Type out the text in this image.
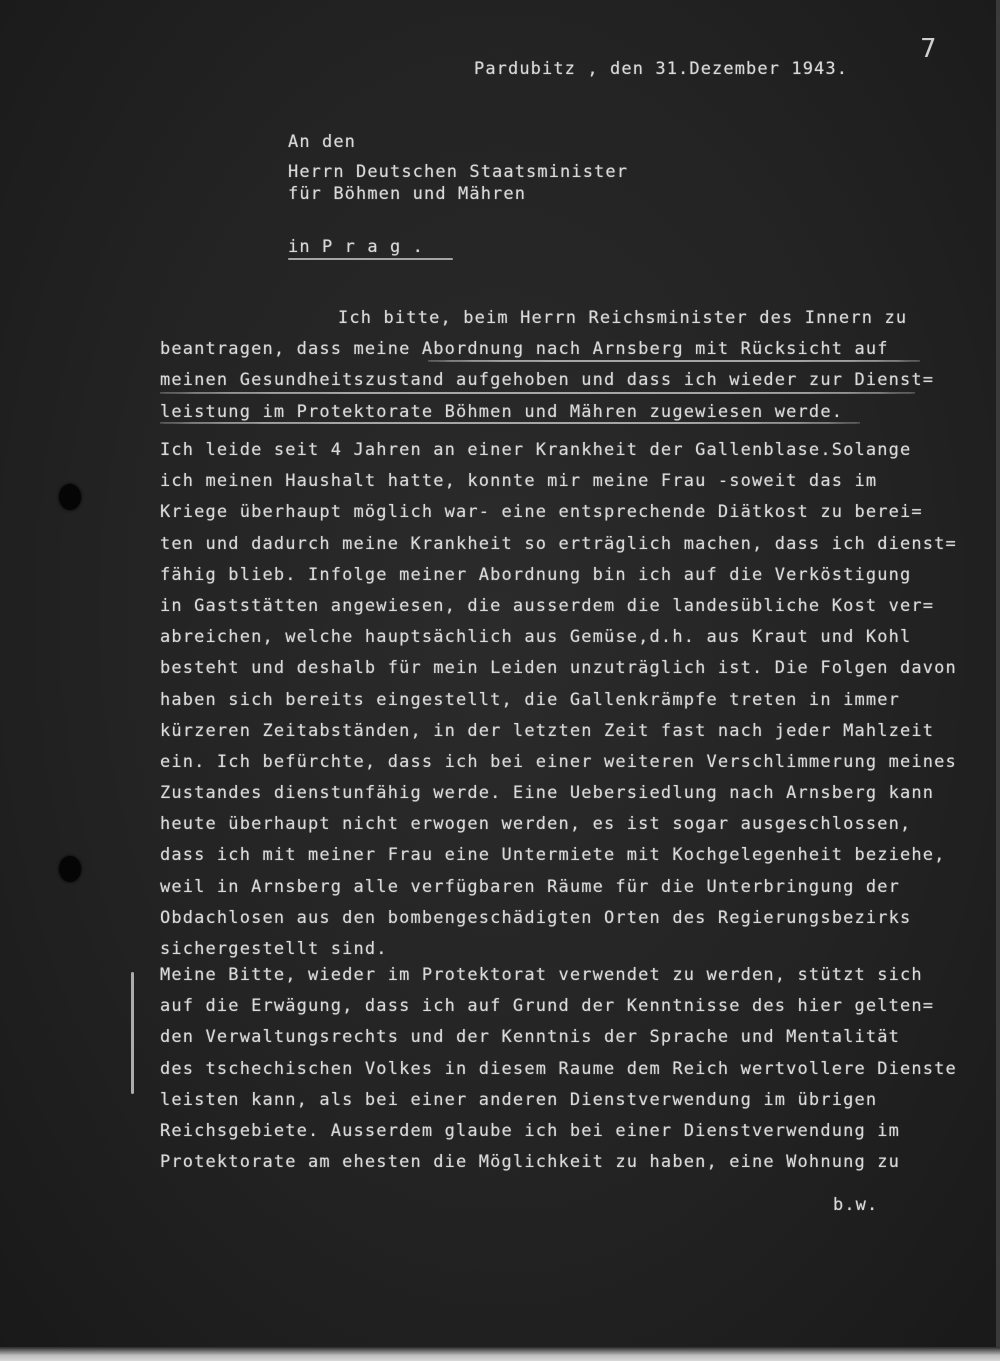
7

Pardubitz , den 31.Dezember 1943.

An den

Herrn Deutschen Staatsminister

für Böhmen und Mähren

in P r a g .

Ich bitte, beim Herrn Reichsminister des Innern zu
beantragen, dass meine Abordnung nach Arnsberg mit Rücksicht auf
meinen Gesundheitszustand aufgehoben und dass ich wieder zur Dienst=
leistung im Protektorate Böhmen und Mähren zugewiesen werde.
Ich leide seit 4 Jahren an einer Krankheit der Gallenblase.Solange
ich meinen Haushalt hatte, konnte mir meine Frau -soweit das im
Kriege überhaupt möglich war- eine entsprechende Diätkost zu berei=
ten und dadurch meine Krankheit so erträglich machen, dass ich dienst=
fähig blieb. Infolge meiner Abordnung bin ich auf die Verköstigung
in Gaststätten angewiesen, die ausserdem die landesübliche Kost ver=
abreichen, welche hauptsächlich aus Gemüse,d.h. aus Kraut und Kohl
besteht und deshalb für mein Leiden unzuträglich ist. Die Folgen davon
haben sich bereits eingestellt, die Gallenkrämpfe treten in immer
kürzeren Zeitabständen, in der letzten Zeit fast nach jeder Mahlzeit
ein. Ich befürchte, dass ich bei einer weiteren Verschlimmerung meines
Zustandes dienstunfähig werde. Eine Uebersiedlung nach Arnsberg kann
heute überhaupt nicht erwogen werden, es ist sogar ausgeschlossen,
dass ich mit meiner Frau eine Untermiete mit Kochgelegenheit beziehe,
weil in Arnsberg alle verfügbaren Räume für die Unterbringung der
Obdachlosen aus den bombengeschädigten Orten des Regierungsbezirks
sichergestellt sind.
Meine Bitte, wieder im Protektorat verwendet zu werden, stützt sich
auf die Erwägung, dass ich auf Grund der Kenntnisse des hier gelten=
den Verwaltungsrechts und der Kenntnis der Sprache und Mentalität
des tschechischen Volkes in diesem Raume dem Reich wertvollere Dienste
leisten kann, als bei einer anderen Dienstverwendung im übrigen
Reichsgebiete. Ausserdem glaube ich bei einer Dienstverwendung im
Protektorate am ehesten die Möglichkeit zu haben, eine Wohnung zu

b.w.
